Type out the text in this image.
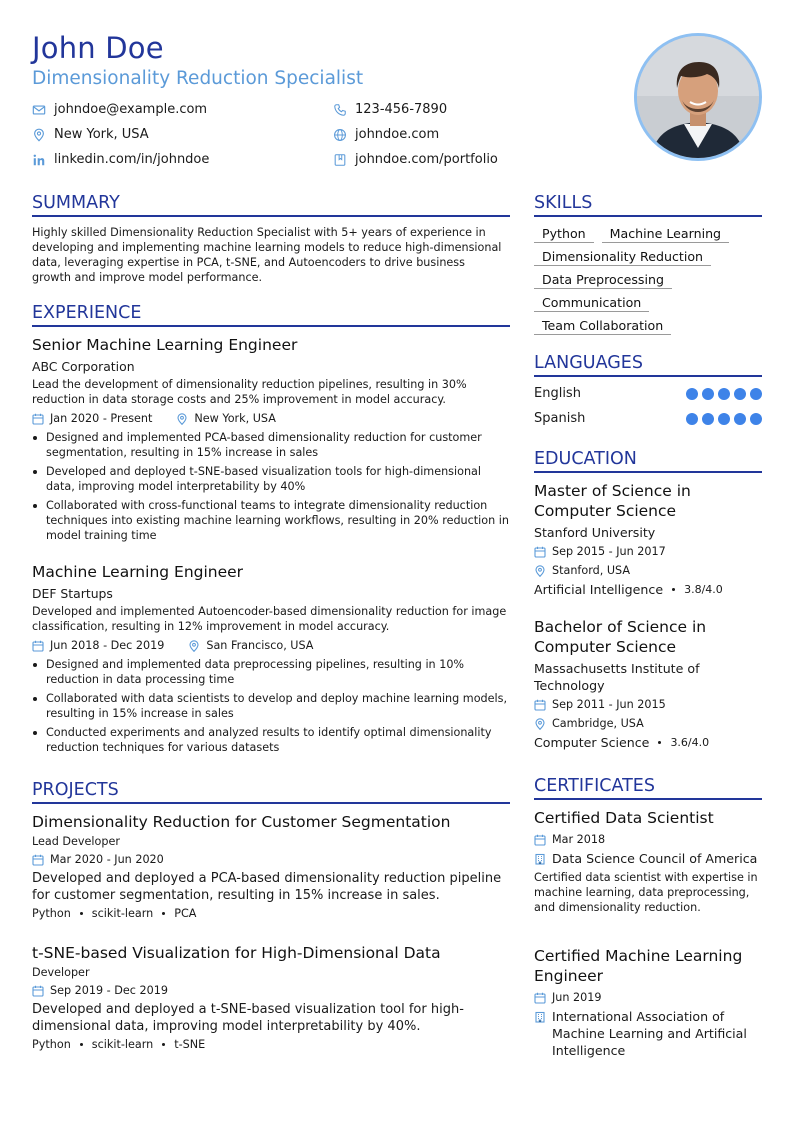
John Doe
Dimensionality Reduction Specialist
johndoe@example.com	123-456-7890
New York, USA	johndoe.com
linkedin.com/in/johndoe	johndoe.com/portfolio
SUMMARY
Highly skilled Dimensionality Reduction Specialist with 5+ years of experience in developing and implementing machine learning models to reduce high-dimensional data, leveraging expertise in PCA, t-SNE, and Autoencoders to drive business growth and improve model performance.
EXPERIENCE
Senior Machine Learning Engineer
ABC Corporation
Lead the development of dimensionality reduction pipelines, resulting in 30% reduction in data storage costs and 25% improvement in model accuracy.
Jan 2020 - Present	New York, USA
Designed and implemented PCA-based dimensionality reduction for customer segmentation, resulting in 15% increase in sales
Developed and deployed t-SNE-based visualization tools for high-dimensional data, improving model interpretability by 40%
Collaborated with cross-functional teams to integrate dimensionality reduction techniques into existing machine learning workflows, resulting in 20% reduction in model training time
Machine Learning Engineer
DEF Startups
Developed and implemented Autoencoder-based dimensionality reduction for image classification, resulting in 12% improvement in model accuracy.
Jun 2018 - Dec 2019	San Francisco, USA
Designed and implemented data preprocessing pipelines, resulting in 10% reduction in data processing time
Collaborated with data scientists to develop and deploy machine learning models, resulting in 15% increase in sales
Conducted experiments and analyzed results to identify optimal dimensionality reduction techniques for various datasets
PROJECTS
Dimensionality Reduction for Customer Segmentation
Lead Developer
Mar 2020 - Jun 2020
Developed and deployed a PCA-based dimensionality reduction pipeline for customer segmentation, resulting in 15% increase in sales.
Python scikit-learn PCA
t-SNE-based Visualization for High-Dimensional Data
Developer
Sep 2019 - Dec 2019
Developed and deployed a t-SNE-based visualization tool for high-dimensional data, improving model interpretability by 40%.
Python scikit-learn t-SNE
SKILLS
Python	Machine Learning
Dimensionality Reduction
Data Preprocessing
Communication
Team Collaboration
LANGUAGES
English
Spanish
EDUCATION
Master of Science in Computer Science
Stanford University
Sep 2015 - Jun 2017
Stanford, USA
Artificial Intelligence 3.8/4.0
Bachelor of Science in Computer Science
Massachusetts Institute of Technology
Sep 2011 - Jun 2015
Cambridge, USA
Computer Science 3.6/4.0
CERTIFICATES
Certified Data Scientist
Mar 2018
Data Science Council of America
Certified data scientist with expertise in machine learning, data preprocessing, and dimensionality reduction.
Certified Machine Learning Engineer
Jun 2019
International Association of Machine Learning and Artificial Intelligence
